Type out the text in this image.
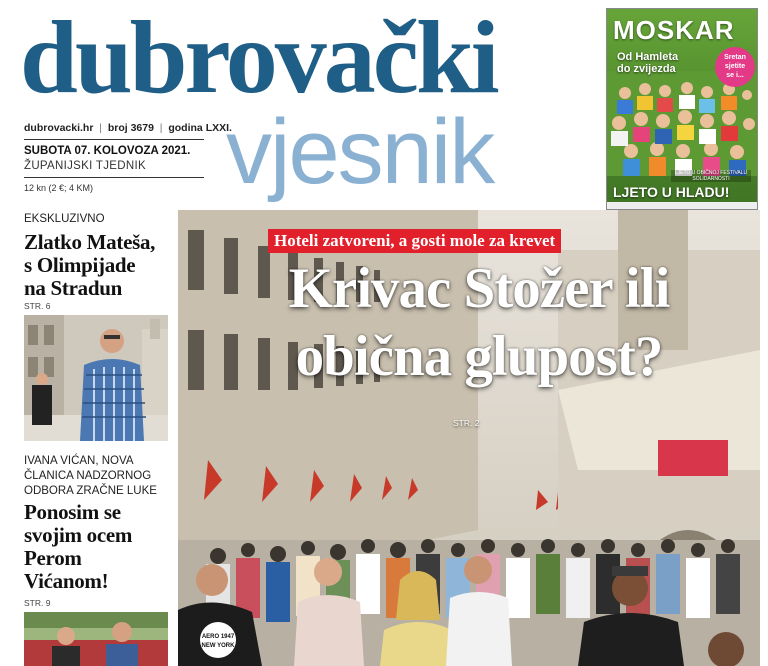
dubrovački
vjesnik
dubrovacki.hr  |  broj 3679  |  godina LXXI.
SUBOTA 07. KOLOVOZA 2021.
ŽUPANIJSKI TJEDNIK
12 kn (2 €; 4 KM)
MOSKAR
Od Hamleta
do zvijezda
Sretan
sjetite
se i...
LJETO U OBIČNOJ FESTIVALU
SOLIDARNOSTI
LJETO U HLADU!
EKSKLUZIVNO
Zlatko Mateša,
s Olimpijade
na Stradun
STR. 6
IVANA VIĆAN, NOVA
ČLANICA NADZORNOG
ODBORA ZRAČNE LUKE
Ponosim se
svojim ocem
Perom
Vićanom!
STR. 9
AERO 1947
NEW YORK
Hoteli zatvoreni, a gosti mole za krevet
Krivac Stožer ili
obična glupost?
STR. 2
